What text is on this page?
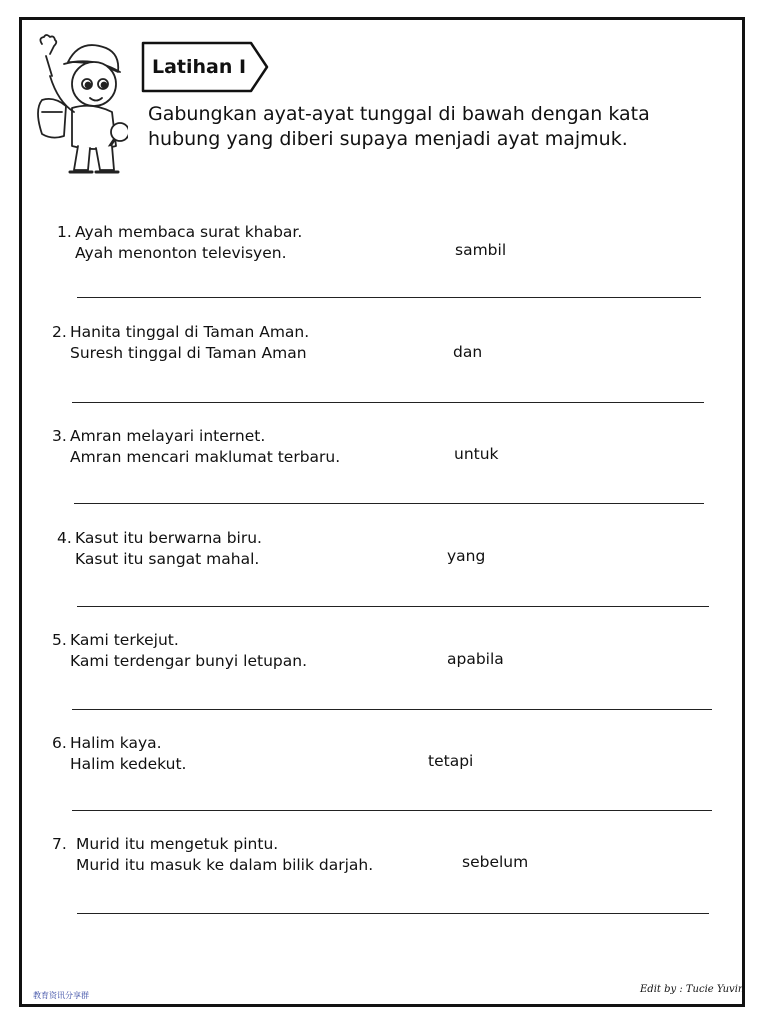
Latihan I
Gabungkan ayat-ayat tunggal di bawah dengan kata
hubung yang diberi supaya menjadi ayat majmuk.
1. Ayah membaca surat khabar.
Ayah menonton televisyen.	sambil
2. Hanita tinggal di Taman Aman.
Suresh tinggal di Taman Aman	dan
3. Amran melayari internet.
Amran mencari maklumat terbaru.	untuk
4. Kasut itu berwarna biru.
Kasut itu sangat mahal.	yang
5. Kami terkejut.
Kami terdengar bunyi letupan.	apabila
6. Halim kaya.
Halim kedekut.	tetapi
7. Murid itu mengetuk pintu.
Murid itu masuk ke dalam bilik darjah.	sebelum
教育资讯分享群
Edit by : Tucie Yuvin
